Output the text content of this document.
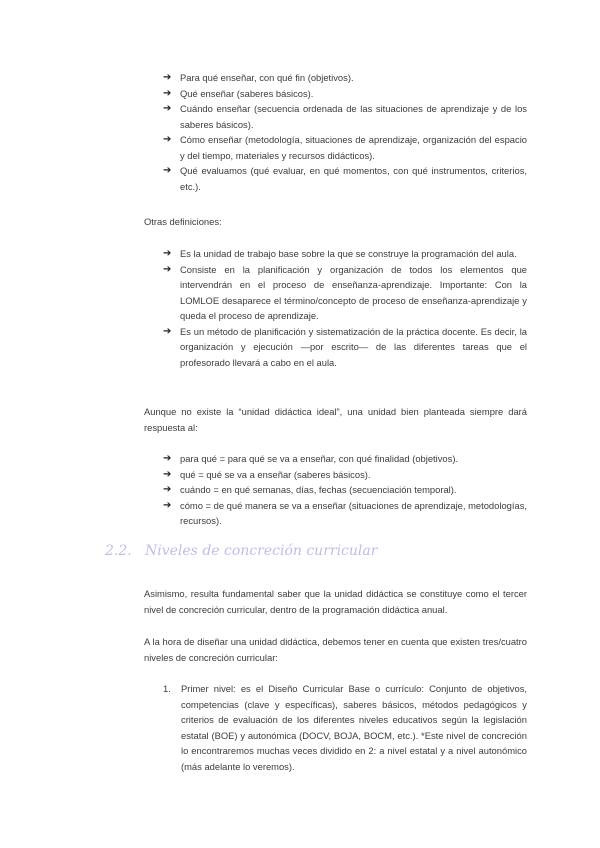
➔ Para qué enseñar, con qué fin (objetivos).
➔ Qué enseñar (saberes básicos).
➔ Cuándo enseñar (secuencia ordenada de las situaciones de aprendizaje y de los saberes básicos).
➔ Cómo enseñar (metodología, situaciones de aprendizaje, organización del espacio y del tiempo, materiales y recursos didácticos).
➔ Qué evaluamos (qué evaluar, en qué momentos, con qué instrumentos, criterios, etc.).
Otras definiciones:
➔ Es la unidad de trabajo base sobre la que se construye la programación del aula.
➔ Consiste en la planificación y organización de todos los elementos que intervendrán en el proceso de enseñanza-aprendizaje. Importante: Con la LOMLOE desaparece el término/concepto de proceso de enseñanza-aprendizaje y queda el proceso de aprendizaje.
➔ Es un método de planificación y sistematización de la práctica docente. Es decir, la organización y ejecución —por escrito— de las diferentes tareas que el profesorado llevará a cabo en el aula.

Aunque no existe la “unidad didáctica ideal”, una unidad bien planteada siempre dará respuesta al:

➔ para qué = para qué se va a enseñar, con qué finalidad (objetivos).
➔ qué = qué se va a enseñar (saberes básicos).
➔ cuándo = en qué semanas, días, fechas (secuenciación temporal).
➔ cómo = de qué manera se va a enseñar (situaciones de aprendizaje, metodologías, recursos).
2.2. Niveles de concreción curricular

Asimismo, resulta fundamental saber que la unidad didáctica se constituye como el tercer nivel de concreción curricular, dentro de la programación didáctica anual.

A la hora de diseñar una unidad didáctica, debemos tener en cuenta que existen tres/cuatro niveles de concreción curricular:

1.	Primer nivel: es el Diseño Curricular Base o currículo: Conjunto de objetivos, competencias (clave y específicas), saberes básicos, métodos pedagógicos y criterios de evaluación de los diferentes niveles educativos según la legislación estatal (BOE) y autonómica (DOCV, BOJA, BOCM, etc.). *Este nivel de concreción lo encontraremos muchas veces dividido en 2: a nivel estatal y a nivel autonómico (más adelante lo veremos).
